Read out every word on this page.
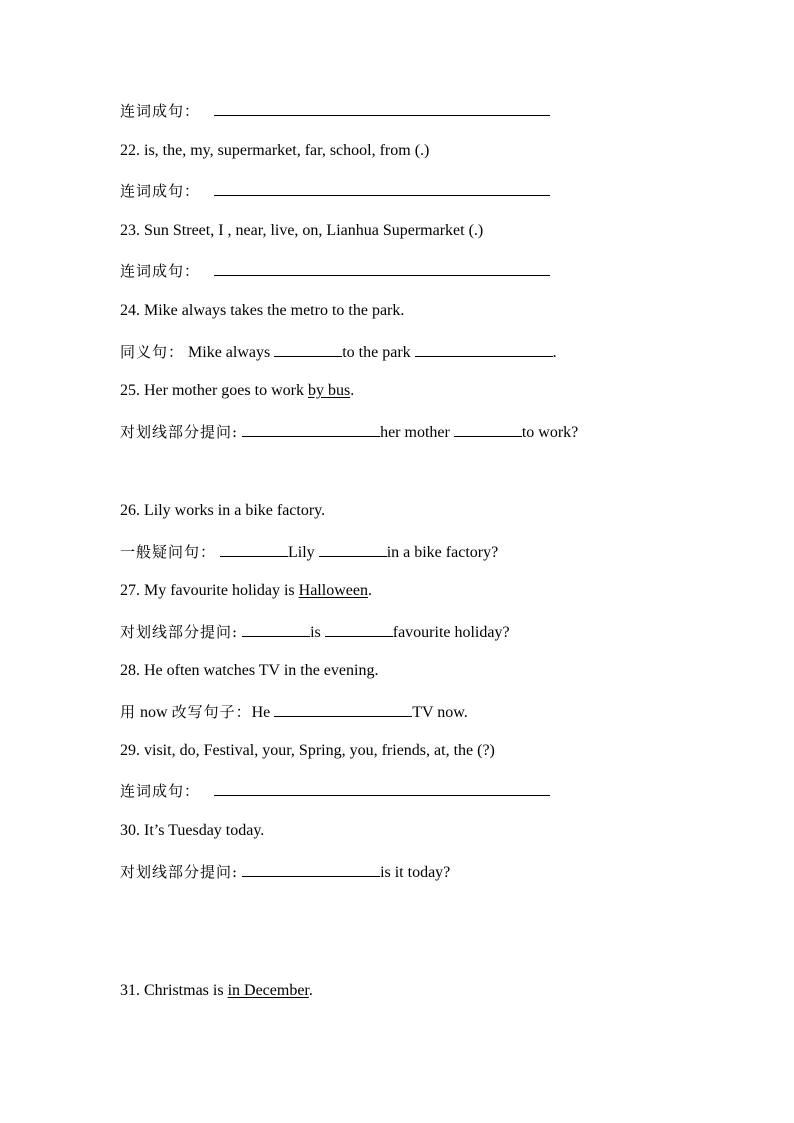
连词成句：
22. is, the, my, supermarket, far, school, from (.)
连词成句：
23. Sun Street, I , near, live, on, Lianhua Supermarket (.)
连词成句：
24. Mike always takes the metro to the park.
同义句： Mike always	to the park	.
25. Her mother goes to work by bus.
对划线部分提问:	her mother	to work?
26. Lily works in a bike factory.
一般疑问句：	Lily	in a bike factory?
27. My favourite holiday is Halloween.
对划线部分提问:	is	favourite holiday?
28. He often watches TV in the evening.
用 now 改写句子：He	TV now.
29. visit, do, Festival, your, Spring, you, friends, at, the (?)
连词成句：
30. It’s Tuesday today.
对划线部分提问:	is it today?
31. Christmas is in December.
